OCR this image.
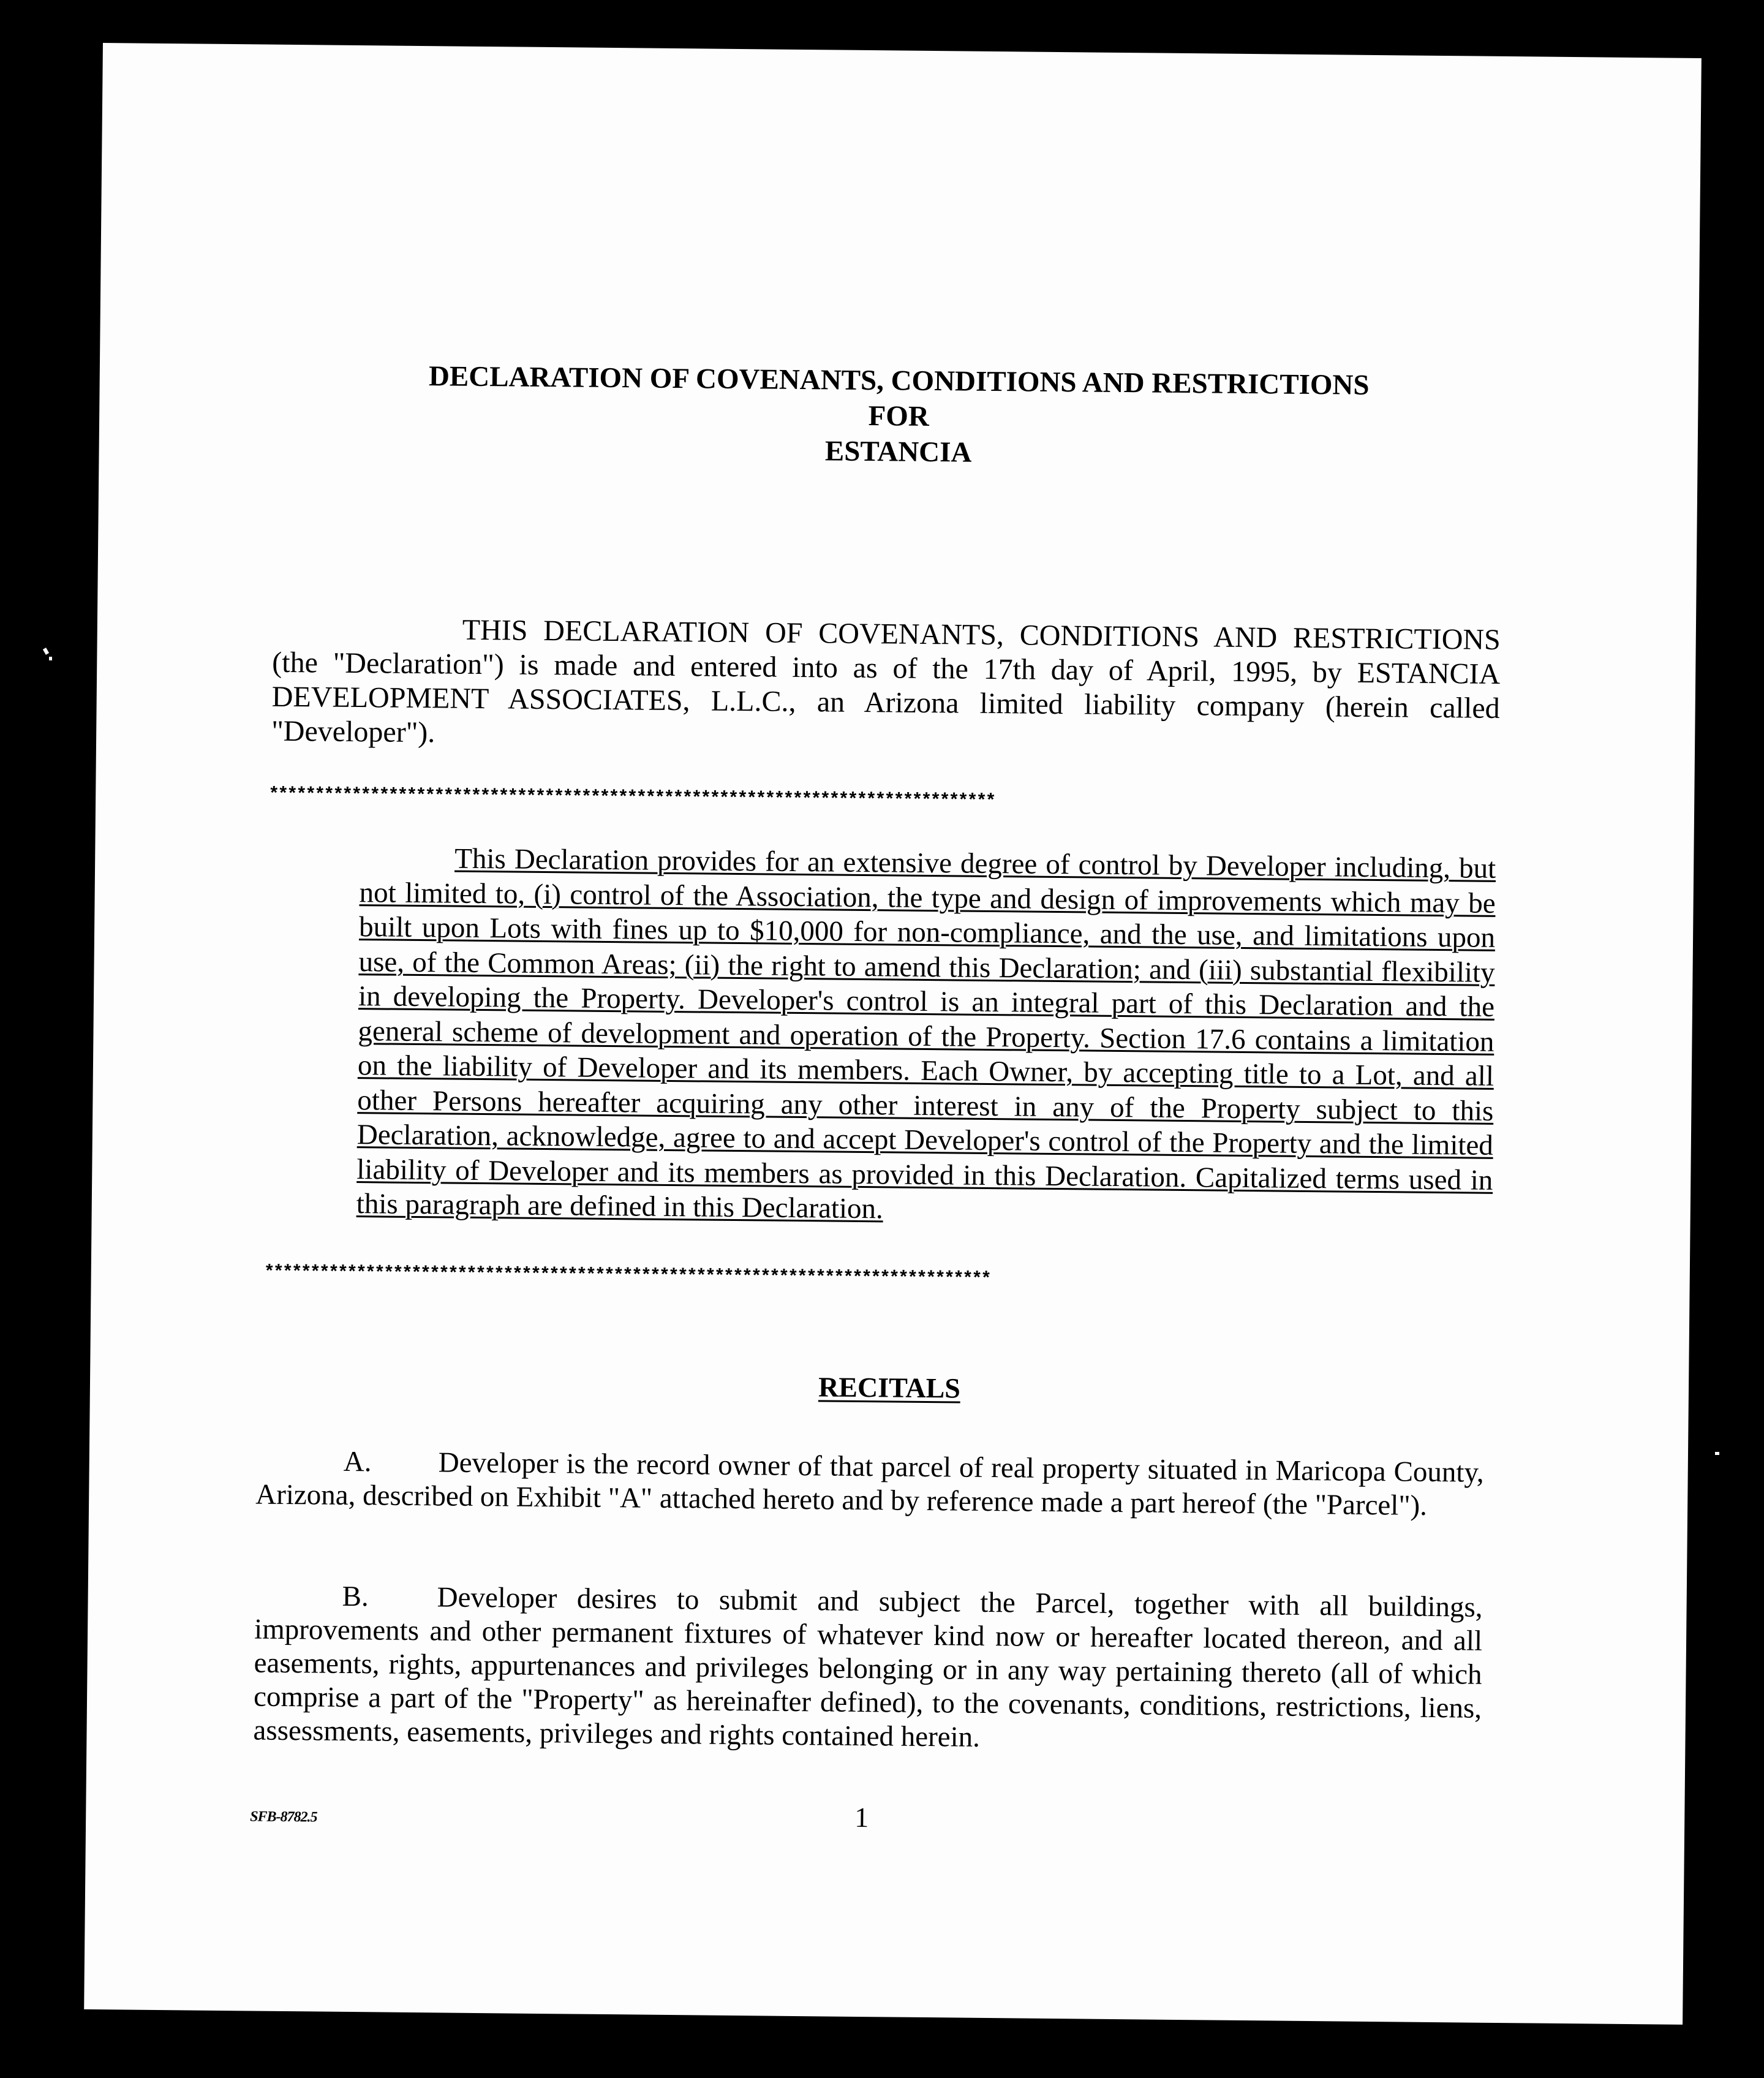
DECLARATION OF COVENANTS, CONDITIONS AND RESTRICTIONS
FOR
ESTANCIA
THIS DECLARATION OF COVENANTS, CONDITIONS AND RESTRICTIONS (the "Declaration") is made and entered into as of the 17th day of April, 1995, by ESTANCIA DEVELOPMENT ASSOCIATES, L.L.C., an Arizona limited liability company (herein called "Developer").
*******************************************************************************
This Declaration provides for an extensive degree of control by Developer including, but not limited to, (i) control of the Association, the type and design of improvements which may be built upon Lots with fines up to $10,000 for non-compliance, and the use, and limitations upon use, of the Common Areas; (ii) the right to amend this Declaration; and (iii) substantial flexibility in developing the Property. Developer's control is an integral part of this Declaration and the general scheme of development and operation of the Property. Section 17.6 contains a limitation on the liability of Developer and its members. Each Owner, by accepting title to a Lot, and all other Persons hereafter acquiring any other interest in any of the Property subject to this Declaration, acknowledge, agree to and accept Developer's control of the Property and the limited liability of Developer and its members as provided in this Declaration. Capitalized terms used in this paragraph are defined in this Declaration.
*******************************************************************************
RECITALS
A. Developer is the record owner of that parcel of real property situated in Maricopa County, Arizona, described on Exhibit "A" attached hereto and by reference made a part hereof (the "Parcel").
B. Developer desires to submit and subject the Parcel, together with all buildings, improvements and other permanent fixtures of whatever kind now or hereafter located thereon, and all easements, rights, appurtenances and privileges belonging or in any way pertaining thereto (all of which comprise a part of the "Property" as hereinafter defined), to the covenants, conditions, restrictions, liens, assessments, easements, privileges and rights contained herein.
SFB-8782.5	1
